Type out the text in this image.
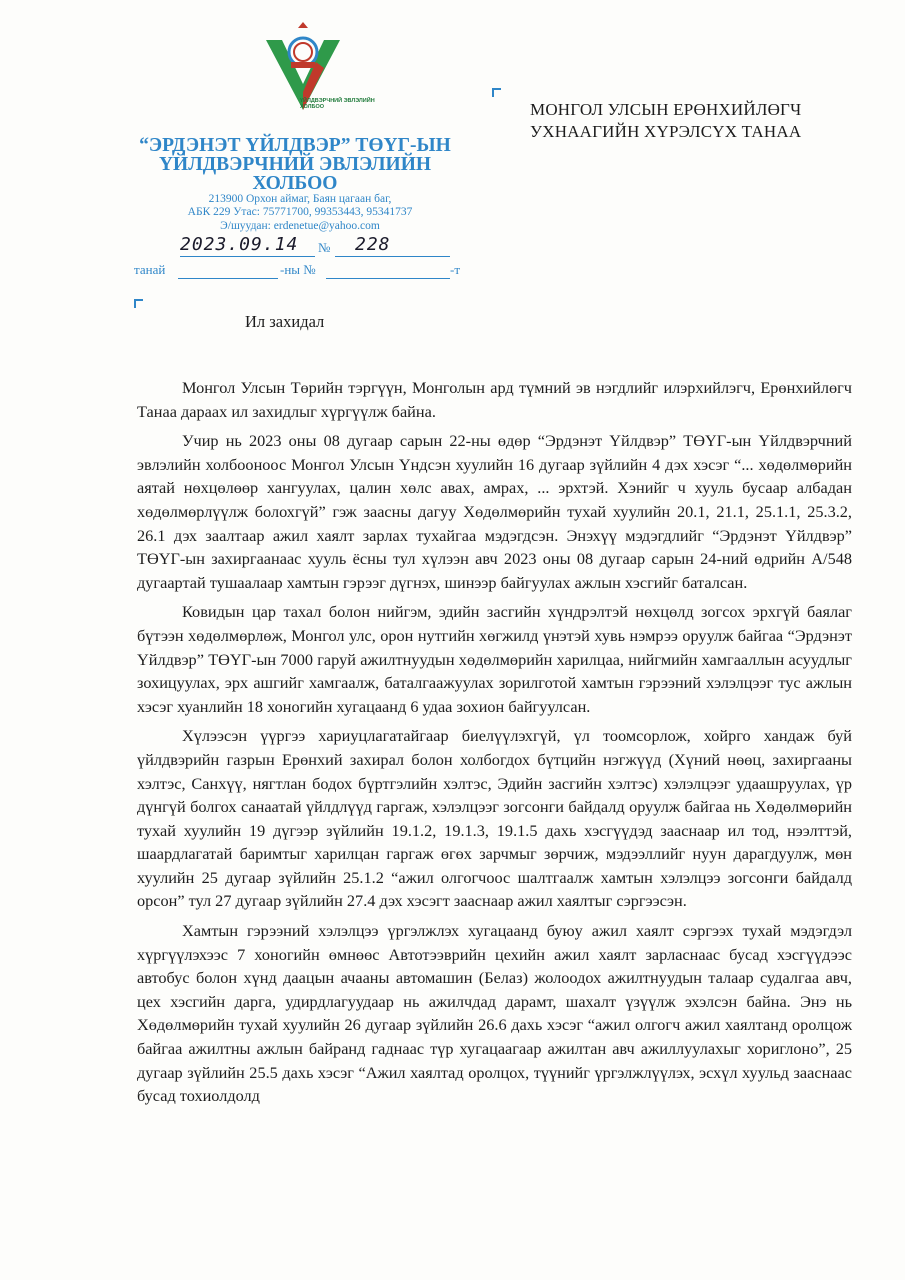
ҮЙЛДВЭРЧНИЙ ЭВЛЭЛИЙН ХОЛБОО
“ЭРДЭНЭТ ҮЙЛДВЭР” ТӨҮГ-ЫН ҮЙЛДВЭРЧНИЙ ЭВЛЭЛИЙН ХОЛБОО
213900 Орхон аймаг, Баян цагаан баг,
АБК 229 Утас: 75771700, 99353443, 95341737
Э/шуудан: erdenetue@yahoo.com
2023.09.14 № 228
танай	-ны №	-т
МОНГОЛ УЛСЫН ЕРӨНХИЙЛӨГЧ
УХНААГИЙН ХҮРЭЛСҮХ ТАНАА
Ил захидал

Монгол Улсын Төрийн тэргүүн, Монголын ард түмний эв нэгдлийг илэрхийлэгч, Ерөнхийлөгч Танаа дараах ил захидлыг хүргүүлж байна.

Учир нь 2023 оны 08 дугаар сарын 22-ны өдөр “Эрдэнэт Үйлдвэр” ТӨҮГ-ын Үйлдвэрчний эвлэлийн холбооноос Монгол Улсын Үндсэн хуулийн 16 дугаар зүйлийн 4 дэх хэсэг “... хөдөлмөрийн аятай нөхцөлөөр хангуулах, цалин хөлс авах, амрах, ... эрхтэй. Хэнийг ч хууль бусаар албадан хөдөлмөрлүүлж болохгүй” гэж заасны дагуу Хөдөлмөрийн тухай хуулийн 20.1, 21.1, 25.1.1, 25.3.2, 26.1 дэх заалтаар ажил хаялт зарлах тухайгаа мэдэгдсэн. Энэхүү мэдэгдлийг “Эрдэнэт Үйлдвэр” ТӨҮГ-ын захиргаанаас хууль ёсны тул хүлээн авч 2023 оны 08 дугаар сарын 24-ний өдрийн А/548 дугаартай тушаалаар хамтын гэрээг дүгнэх, шинээр байгуулах ажлын хэсгийг баталсан.

Ковидын цар тахал болон нийгэм, эдийн засгийн хүндрэлтэй нөхцөлд зогсох эрхгүй баялаг бүтээн хөдөлмөрлөж, Монгол улс, орон нутгийн хөгжилд үнэтэй хувь нэмрээ оруулж байгаа “Эрдэнэт Үйлдвэр” ТӨҮГ-ын 7000 гаруй ажилтнуудын хөдөлмөрийн харилцаа, нийгмийн хамгааллын асуудлыг зохицуулах, эрх ашгийг хамгаалж, баталгаажуулах зорилготой хамтын гэрээний хэлэлцээг тус ажлын хэсэг хуанлийн 18 хоногийн хугацаанд 6 удаа зохион байгуулсан.

Хүлээсэн үүргээ хариуцлагатайгаар биелүүлэхгүй, үл тоомсорлож, хойрго хандаж буй үйлдвэрийн газрын Ерөнхий захирал болон холбогдох бүтцийн нэгжүүд (Хүний нөөц, захиргааны хэлтэс, Санхүү, нягтлан бодох бүртгэлийн хэлтэс, Эдийн засгийн хэлтэс) хэлэлцээг удаашруулах, үр дүнгүй болгох санаатай үйлдлүүд гаргаж, хэлэлцээг зогсонги байдалд оруулж байгаа нь Хөдөлмөрийн тухай хуулийн 19 дүгээр зүйлийн 19.1.2, 19.1.3, 19.1.5 дахь хэсгүүдэд зааснаар ил тод, нээлттэй, шаардлагатай баримтыг харилцан гаргаж өгөх зарчмыг зөрчиж, мэдээллийг нуун дарагдуулж, мөн хуулийн 25 дугаар зүйлийн 25.1.2 “ажил олгогчоос шалтгаалж хамтын хэлэлцээ зогсонги байдалд орсон” тул 27 дугаар зүйлийн 27.4 дэх хэсэгт зааснаар ажил хаялтыг сэргээсэн.

Хамтын гэрээний хэлэлцээ үргэлжлэх хугацаанд буюу ажил хаялт сэргээх тухай мэдэгдэл хүргүүлэхээс 7 хоногийн өмнөөс Автотээврийн цехийн ажил хаялт зарласнаас бусад хэсгүүдээс автобус болон хүнд даацын ачааны автомашин (Белаз) жолоодох ажилтнуудын талаар судалгаа авч, цех хэсгийн дарга, удирдлагуудаар нь ажилчдад дарамт, шахалт үзүүлж эхэлсэн байна. Энэ нь Хөдөлмөрийн тухай хуулийн 26 дугаар зүйлийн 26.6 дахь хэсэг “ажил олгогч ажил хаялтанд оролцож байгаа ажилтны ажлын байранд гаднаас түр хугацаагаар ажилтан авч ажиллуулахыг хориглоно”, 25 дугаар зүйлийн 25.5 дахь хэсэг “Ажил хаялтад оролцох, түүнийг үргэлжлүүлэх, эсхүл хуульд зааснаас бусад тохиолдолд
